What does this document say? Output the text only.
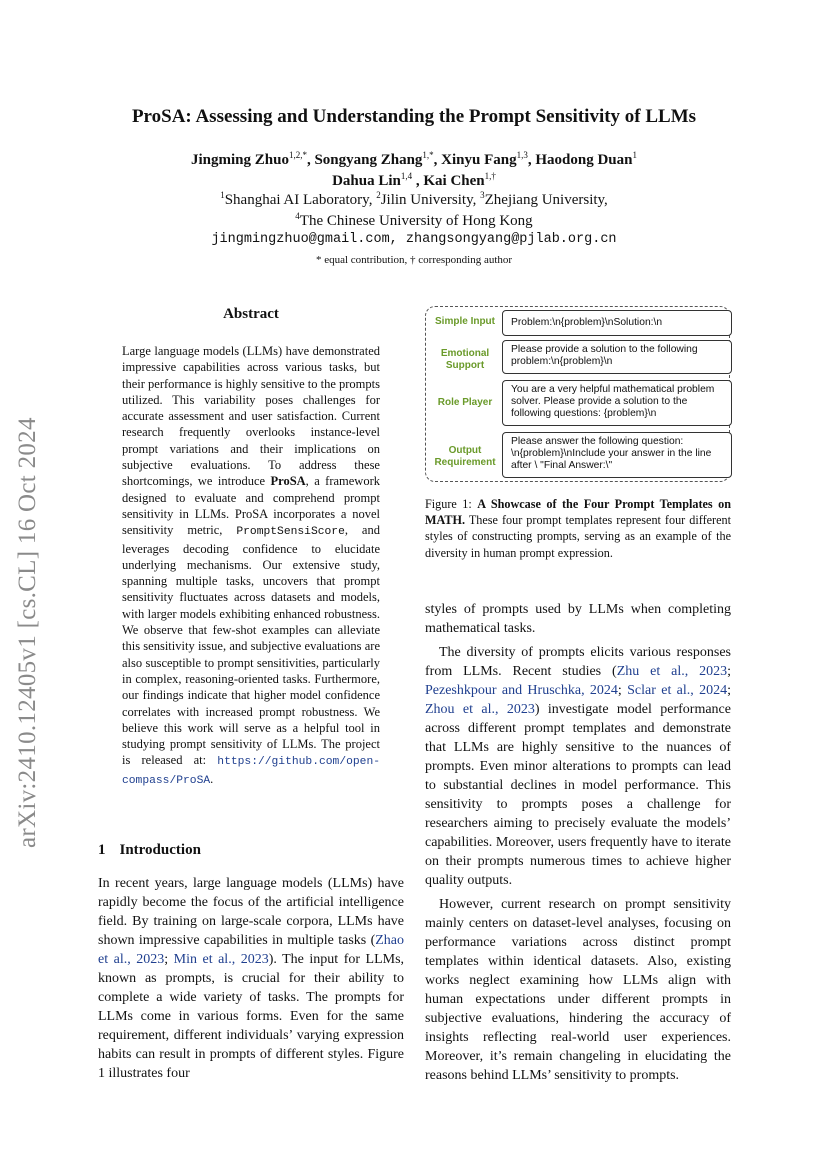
arXiv:2410.12405v1 [cs.CL] 16 Oct 2024
ProSA: Assessing and Understanding the Prompt Sensitivity of LLMs
Jingming Zhuo$^{1,2,*}$, Songyang Zhang$^{1,*}$, Xinyu Fang$^{1,3}$, Haodong Duan$^1$
Dahua Lin$^{1,4}$ , Kai Chen$^{1,\dagger}$
$^1$Shanghai AI Laboratory, $^2$Jilin University, $^3$Zhejiang University,
$^4$The Chinese University of Hong Kong
jingmingzhuo@gmail.com, zhangsongyang@pjlab.org.cn
* equal contribution, † corresponding author
Abstract
Large language models (LLMs) have demonstrated impressive capabilities across various tasks, but their performance is highly sensitive to the prompts utilized. This variability poses challenges for accurate assessment and user satisfaction. Current research frequently overlooks instance-level prompt variations and their implications on subjective evaluations. To address these shortcomings, we introduce ProSA, a framework designed to evaluate and comprehend prompt sensitivity in LLMs. ProSA incorporates a novel sensitivity metric, PromptSensiScore, and leverages decoding confidence to elucidate underlying mechanisms. Our extensive study, spanning multiple tasks, uncovers that prompt sensitivity fluctuates across datasets and models, with larger models exhibiting enhanced robustness. We observe that few-shot examples can alleviate this sensitivity issue, and subjective evaluations are also susceptible to prompt sensitivities, particularly in complex, reasoning-oriented tasks. Furthermore, our findings indicate that higher model confidence correlates with increased prompt robustness. We believe this work will serve as a helpful tool in studying prompt sensitivity of LLMs. The project is released at: https://github.com/open-compass/ProSA.
Simple Input	Problem:\n{problem}\nSolution:\n
Emotional Support
Please provide a solution to the following problem:\n{problem}\n
Role Player
You are a very helpful mathematical problem solver. Please provide a solution to the following questions: {problem}\n
Output Requirement
Please answer the following question: \n{problem}\nInclude your answer in the line after \ "Final Answer:\"
Figure 1: A Showcase of the Four Prompt Templates on MATH. These four prompt templates represent four different styles of constructing prompts, serving as an example of the diversity in human prompt expression.
1 Introduction

In recent years, large language models (LLMs) have rapidly become the focus of the artificial intelligence field. By training on large-scale corpora, LLMs have shown impressive capabilities in multiple tasks (Zhao et al., 2023; Min et al., 2023). The input for LLMs, known as prompts, is crucial for their ability to complete a wide variety of tasks. The prompts for LLMs come in various forms. Even for the same requirement, different individuals’ varying expression habits can result in prompts of different styles. Figure 1 illustrates four

styles of prompts used by LLMs when completing mathematical tasks.

The diversity of prompts elicits various responses from LLMs. Recent studies (Zhu et al., 2023; Pezeshkpour and Hruschka, 2024; Sclar et al., 2024; Zhou et al., 2023) investigate model performance across different prompt templates and demonstrate that LLMs are highly sensitive to the nuances of prompts. Even minor alterations to prompts can lead to substantial declines in model performance. This sensitivity to prompts poses a challenge for researchers aiming to precisely evaluate the models’ capabilities. Moreover, users frequently have to iterate on their prompts numerous times to achieve higher quality outputs.

However, current research on prompt sensitivity mainly centers on dataset-level analyses, focusing on performance variations across distinct prompt templates within identical datasets. Also, existing works neglect examining how LLMs align with human expectations under different prompts in subjective evaluations, hindering the accuracy of insights reflecting real-world user experiences. Moreover, it’s remain changeling in elucidating the reasons behind LLMs’ sensitivity to prompts.
